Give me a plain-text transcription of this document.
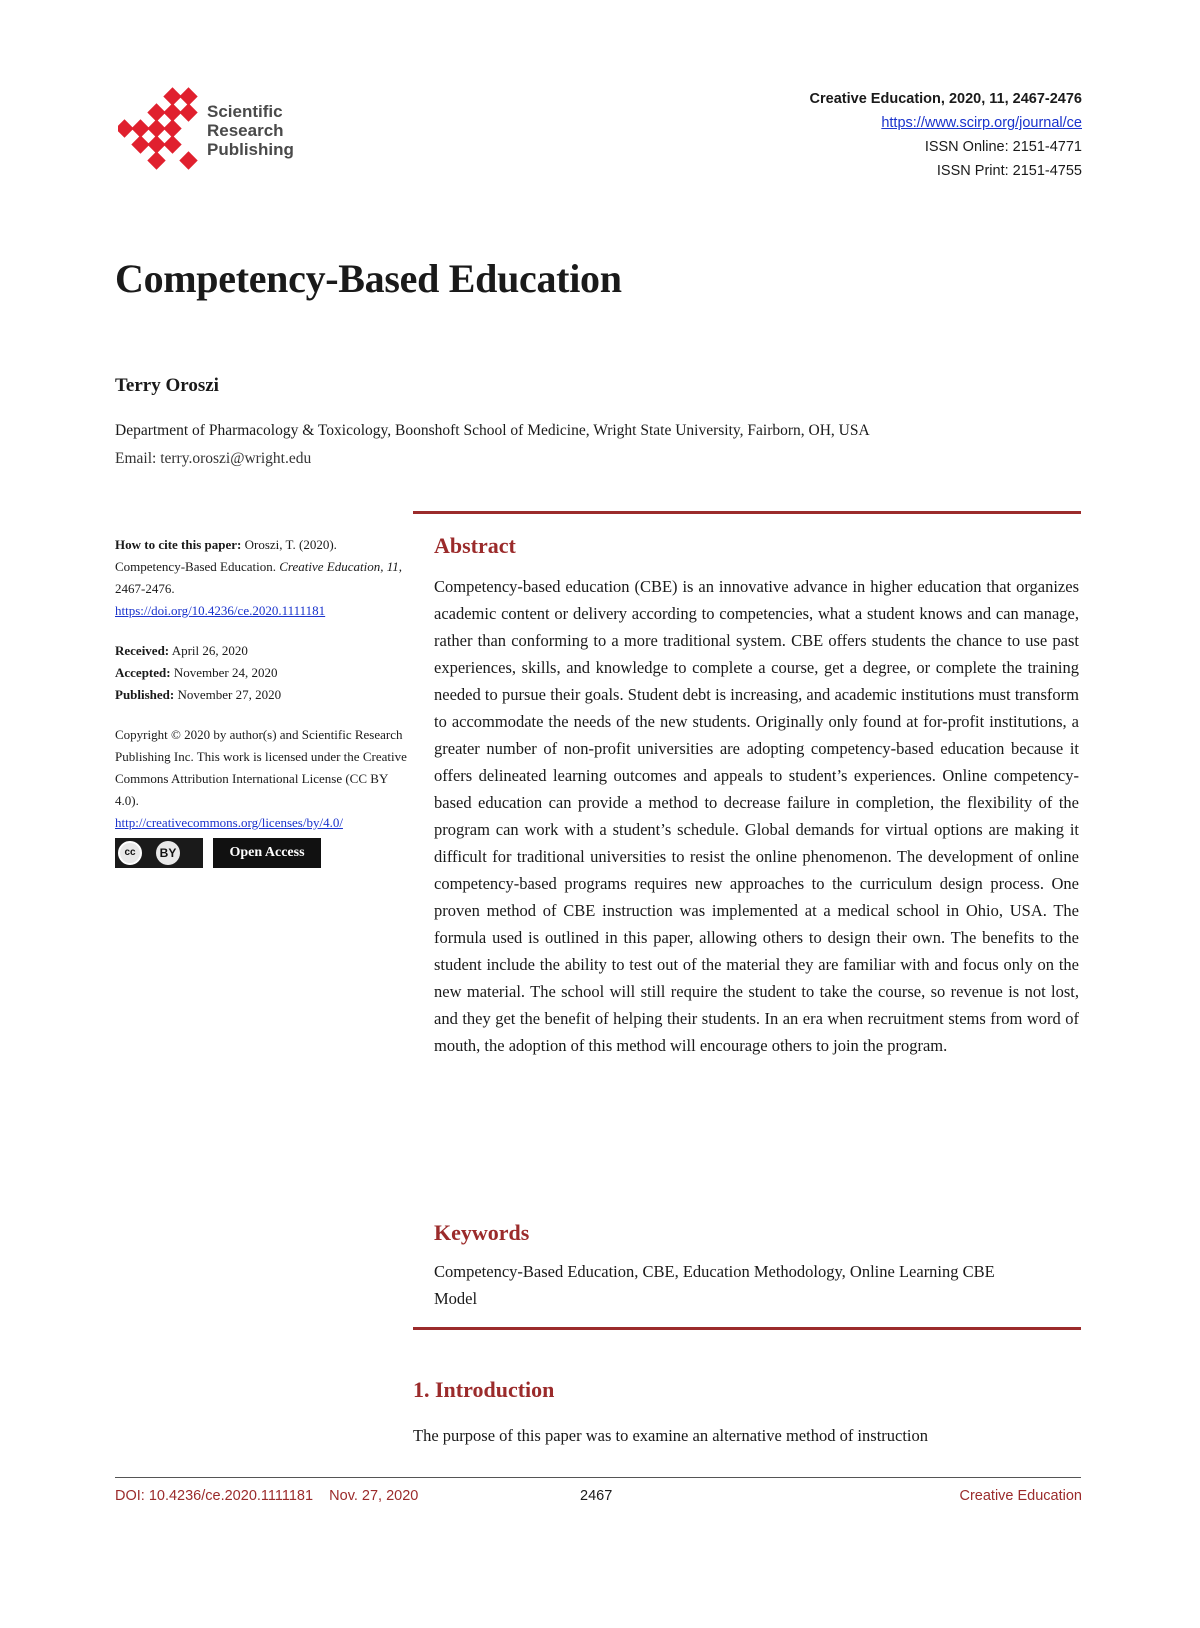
Scientific
Research
Publishing
Creative Education, 2020, 11, 2467-2476
https://www.scirp.org/journal/ce
ISSN Online: 2151-4771
ISSN Print: 2151-4755
Competency-Based Education
Terry Oroszi
Department of Pharmacology & Toxicology, Boonshoft School of Medicine, Wright State University, Fairborn, OH, USA
Email: terry.oroszi@wright.edu
How to cite this paper: Oroszi, T. (2020). Competency-Based Education. Creative Education, 11, 2467-2476.
https://doi.org/10.4236/ce.2020.1111181
Received: April 26, 2020
Accepted: November 24, 2020
Published: November 27, 2020
Copyright © 2020 by author(s) and Scientific Research Publishing Inc. This work is licensed under the Creative Commons Attribution International License (CC BY 4.0).
http://creativecommons.org/licenses/by/4.0/
cc	BY	Open Access
Abstract
Competency-based education (CBE) is an innovative advance in higher education that organizes academic content or delivery according to competencies, what a student knows and can manage, rather than conforming to a more traditional system. CBE offers students the chance to use past experiences, skills, and knowledge to complete a course, get a degree, or complete the training needed to pursue their goals. Student debt is increasing, and academic institutions must transform to accommodate the needs of the new students. Originally only found at for-profit institutions, a greater number of non-profit universities are adopting competency-based education because it offers delineated learning outcomes and appeals to student’s experiences. Online competency-based education can provide a method to decrease failure in completion, the flexibility of the program can work with a student’s schedule. Global demands for virtual options are making it difficult for traditional universities to resist the online phenomenon. The development of online competency-based programs requires new approaches to the curriculum design process. One proven method of CBE instruction was implemented at a medical school in Ohio, USA. The formula used is outlined in this paper, allowing others to design their own. The benefits to the student include the ability to test out of the material they are familiar with and focus only on the new material. The school will still require the student to take the course, so revenue is not lost, and they get the benefit of helping their students. In an era when recruitment stems from word of mouth, the adoption of this method will encourage others to join the program.
Keywords
Competency-Based Education, CBE, Education Methodology, Online Learning CBE Model
1. Introduction
The purpose of this paper was to examine an alternative method of instruction
DOI: 10.4236/ce.2020.1111181    Nov. 27, 2020	2467	Creative Education
